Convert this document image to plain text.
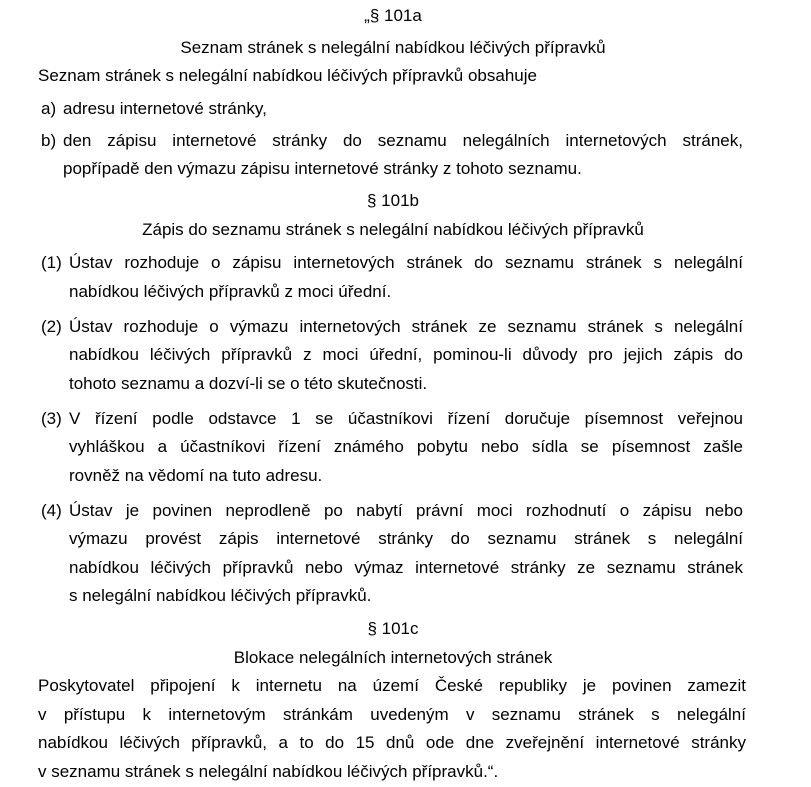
„§ 101a
Seznam stránek s nelegální nabídkou léčivých přípravků
Seznam stránek s nelegální nabídkou léčivých přípravků obsahuje
a) adresu internetové stránky,
b) den zápisu internetové stránky do seznamu nelegálních internetových stránek,
popřípadě den výmazu zápisu internetové stránky z tohoto seznamu.
§ 101b
Zápis do seznamu stránek s nelegální nabídkou léčivých přípravků
(1) Ústav rozhoduje o zápisu internetových stránek do seznamu stránek s nelegální
nabídkou léčivých přípravků z moci úřední.
(2) Ústav rozhoduje o výmazu internetových stránek ze seznamu stránek s nelegální
nabídkou léčivých přípravků z moci úřední, pominou-li důvody pro jejich zápis do
tohoto seznamu a dozví-li se o této skutečnosti.
(3) V řízení podle odstavce 1 se účastníkovi řízení doručuje písemnost veřejnou
vyhláškou a účastníkovi řízení známého pobytu nebo sídla se písemnost zašle
rovněž na vědomí na tuto adresu.
(4) Ústav je povinen neprodleně po nabytí právní moci rozhodnutí o zápisu nebo
výmazu provést zápis internetové stránky do seznamu stránek s nelegální
nabídkou léčivých přípravků nebo výmaz internetové stránky ze seznamu stránek
s nelegální nabídkou léčivých přípravků.
§ 101c
Blokace nelegálních internetových stránek
Poskytovatel připojení k internetu na území České republiky je povinen zamezit
v přístupu k internetovým stránkám uvedeným v seznamu stránek s nelegální
nabídkou léčivých přípravků, a to do 15 dnů ode dne zveřejnění internetové stránky
v seznamu stránek s nelegální nabídkou léčivých přípravků.“.
